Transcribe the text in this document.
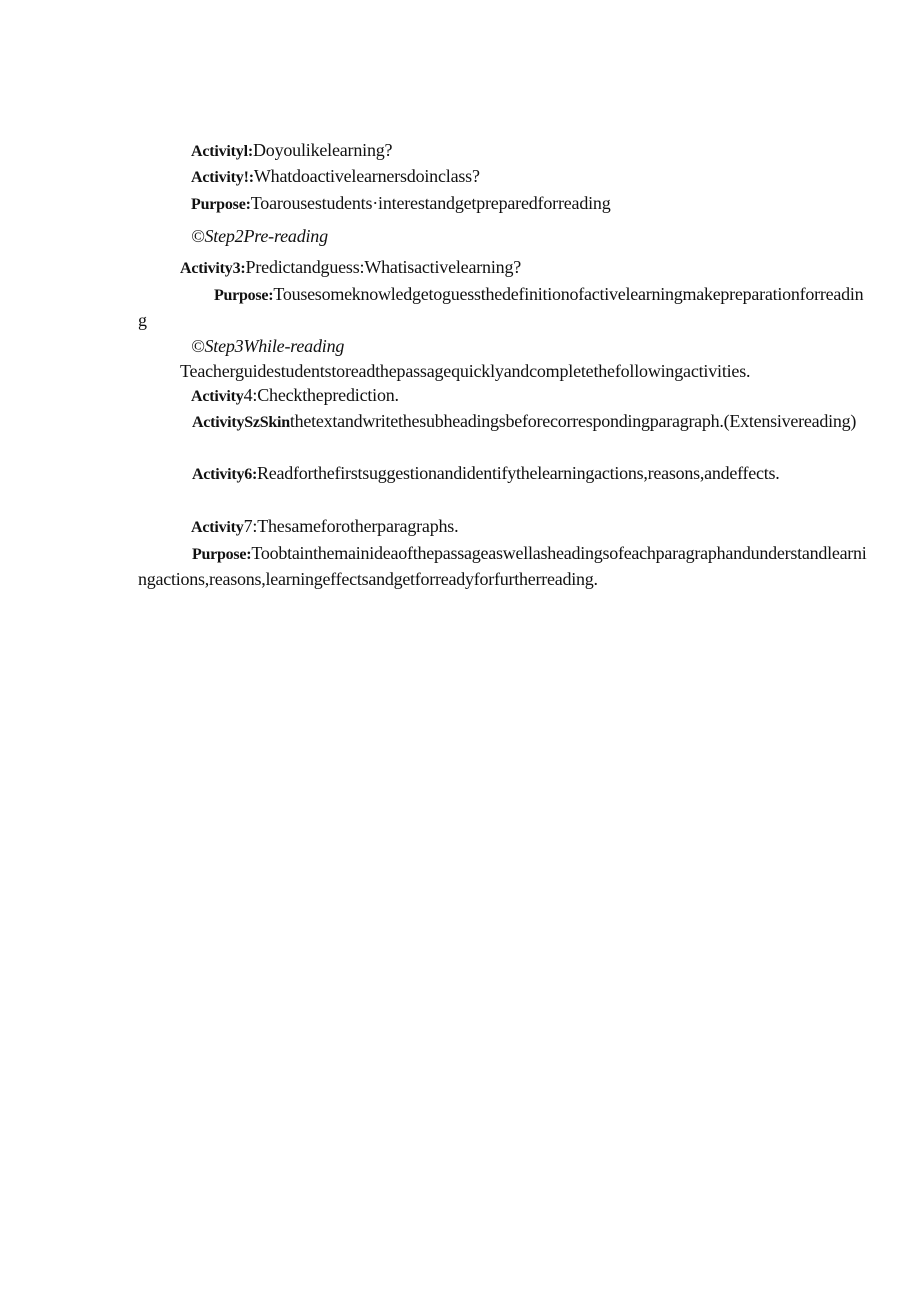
Activityl:Doyoulikelearning?
Activity!:Whatdoactivelearnersdoinclass?
Purpose:Toarousestudents·interestandgetpreparedforreading
©Step2Pre-reading
Activity3:Predictandguess:Whatisactivelearning?
Purpose:Tousesomeknowledgetoguessthedefinitionofactivelearningmakepreparationforreading
©Step3While-reading
Teacherguidestudentstoreadthepassagequicklyandcompletethefollowingactivities.
Activity4:Checktheprediction.
ActivitySzSkinthetextandwritethesubheadingsbeforecorrespondingparagraph.(Extensivereading)
Activity6:Readforthefirstsuggestionandidentifythelearningactions,reasons,andeffects.
Activity7:Thesameforotherparagraphs.
Purpose:Toobtainthemainideaofthepassageaswellasheadingsofeachparagraphandunderstandlearningactions,reasons,learningeffectsandgetforreadyforfurtherreading.
